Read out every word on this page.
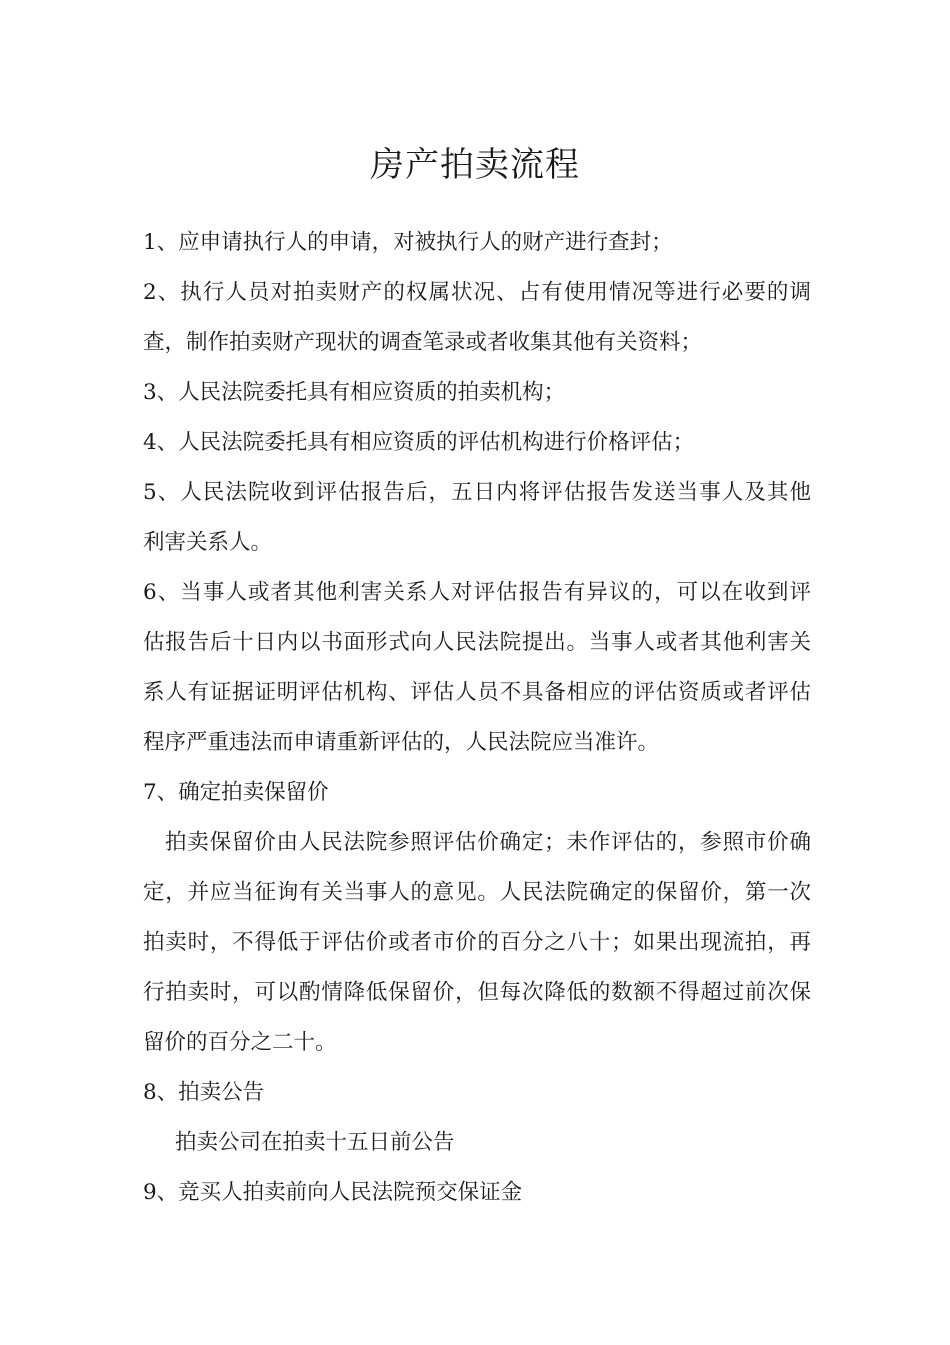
房产拍卖流程
1、应申请执行人的申请，对被执行人的财产进行查封；
2、执行人员对拍卖财产的权属状况、占有使用情况等进行必要的调
查，制作拍卖财产现状的调查笔录或者收集其他有关资料；
3、人民法院委托具有相应资质的拍卖机构；
4、人民法院委托具有相应资质的评估机构进行价格评估；
5、人民法院收到评估报告后，五日内将评估报告发送当事人及其他
利害关系人。
6、当事人或者其他利害关系人对评估报告有异议的，可以在收到评
估报告后十日内以书面形式向人民法院提出。当事人或者其他利害关
系人有证据证明评估机构、评估人员不具备相应的评估资质或者评估
程序严重违法而申请重新评估的，人民法院应当准许。
7、确定拍卖保留价
拍卖保留价由人民法院参照评估价确定；未作评估的，参照市价确
定，并应当征询有关当事人的意见。人民法院确定的保留价，第一次
拍卖时，不得低于评估价或者市价的百分之八十；如果出现流拍，再
行拍卖时，可以酌情降低保留价，但每次降低的数额不得超过前次保
留价的百分之二十。
8、拍卖公告
拍卖公司在拍卖十五日前公告
9、竞买人拍卖前向人民法院预交保证金
